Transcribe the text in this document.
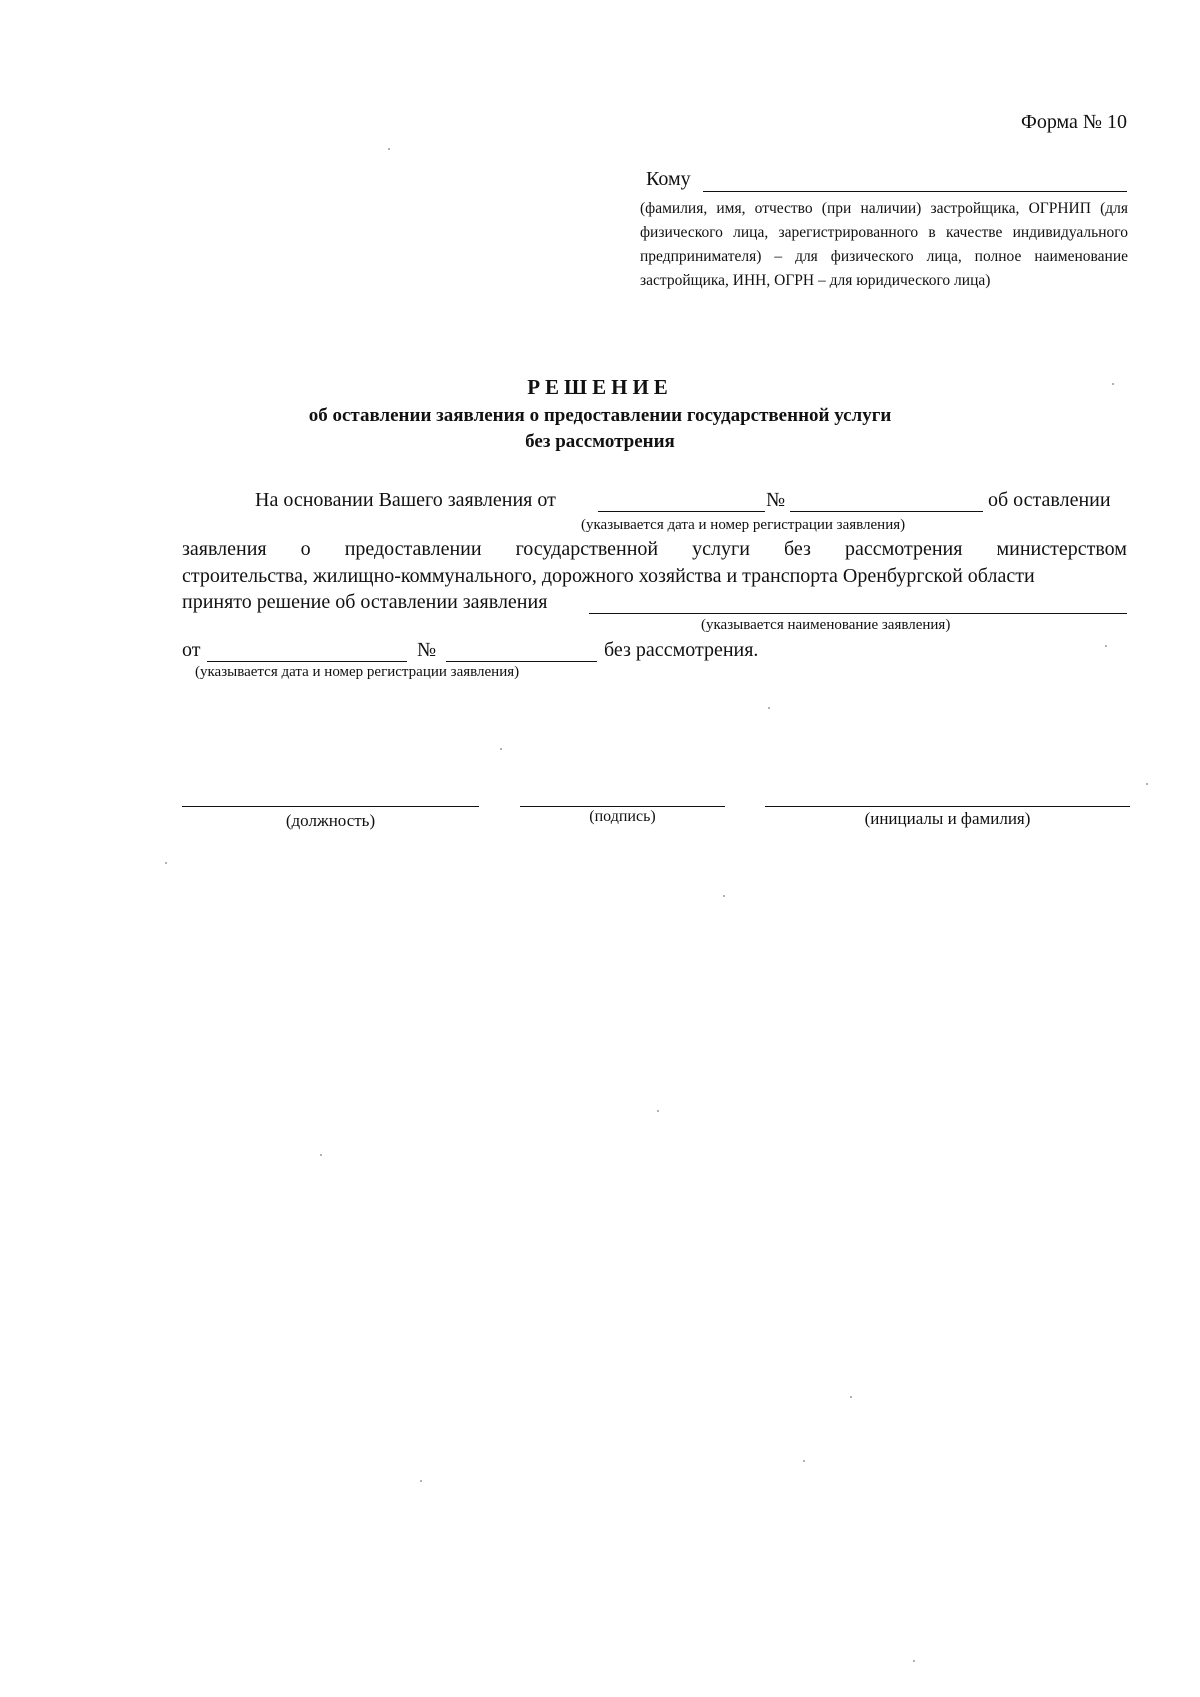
Форма № 10
Кому
(фамилия, имя, отчество (при наличии) застройщика, ОГРНИП (для физического лица, зарегистрированного в качестве индивидуального предпринимателя) – для физического лица, полное наименование застройщика, ИНН, ОГРН – для юридического лица)
РЕШЕНИЕ
об оставлении заявления о предоставлении государственной услуги
без рассмотрения
На основании Вашего заявления от	№	об оставлении
(указывается дата и номер регистрации заявления)
заявления о предоставлении государственной услуги без рассмотрения министерством
строительства, жилищно-коммунального, дорожного хозяйства и транспорта Оренбургской области
принято решение об оставлении заявления
(указывается наименование заявления)
от	№	без рассмотрения.
(указывается дата и номер регистрации заявления)
(должность)	(подпись)	(инициалы и фамилия)
